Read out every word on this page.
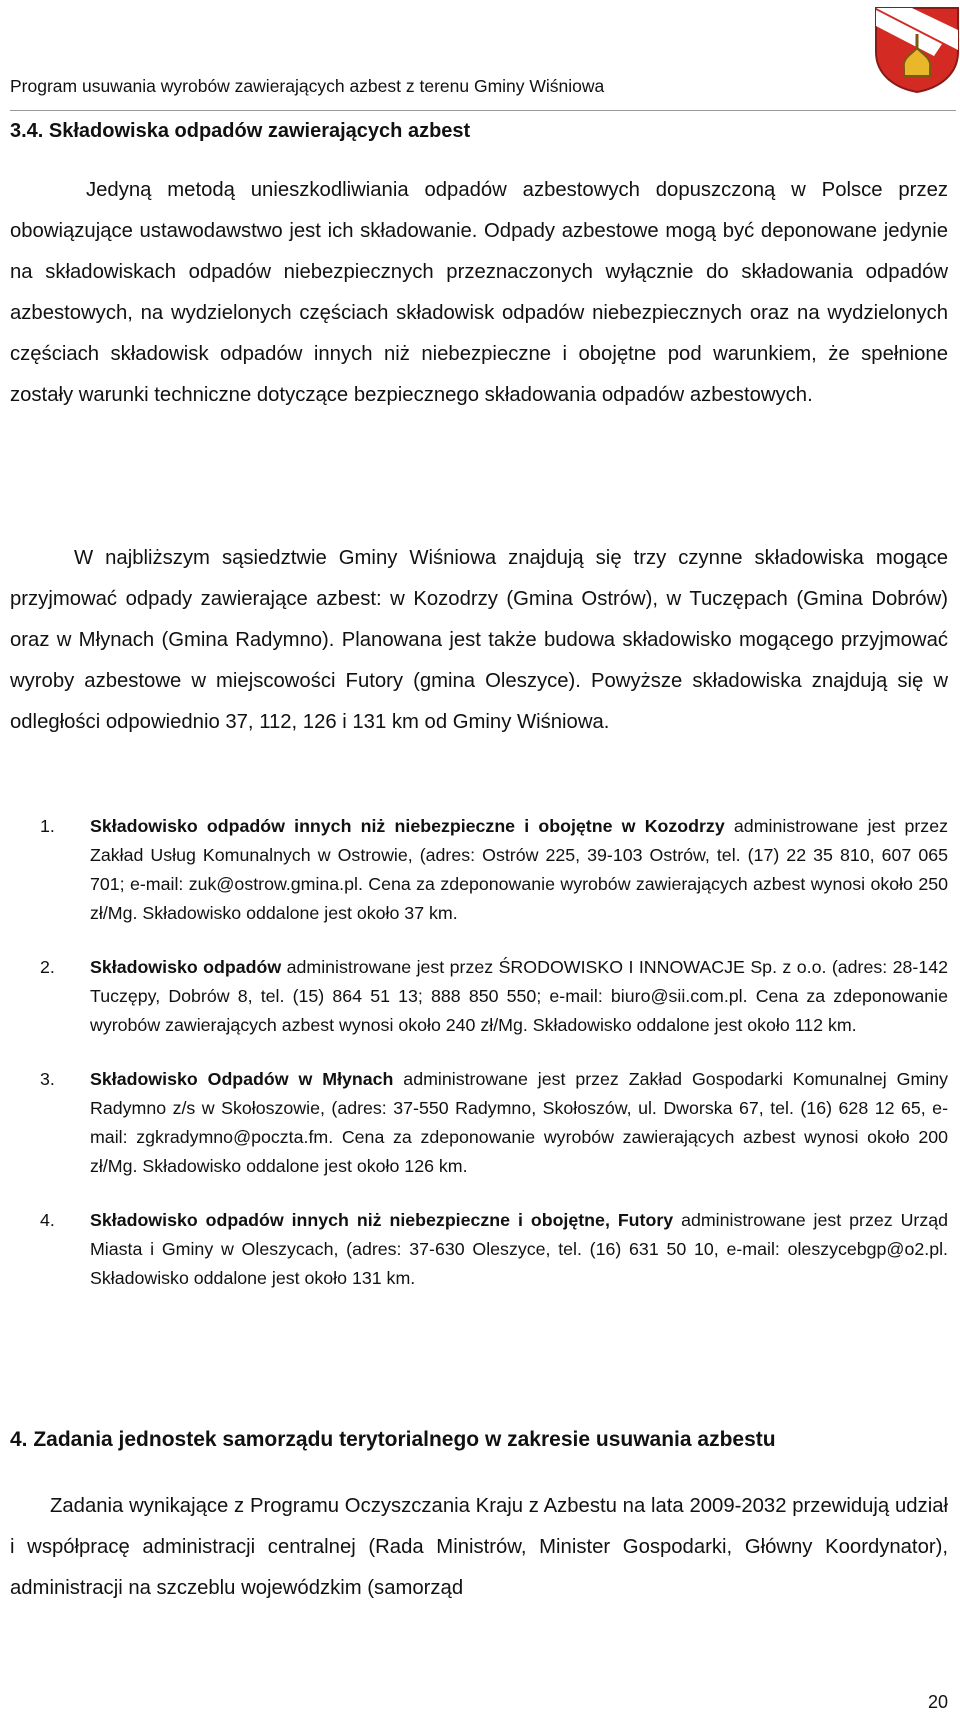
Program usuwania wyrobów zawierających azbest z terenu Gminy Wiśniowa
3.4. Składowiska odpadów zawierających azbest

Jedyną metodą unieszkodliwiania odpadów azbestowych dopuszczoną w Polsce przez obowiązujące ustawodawstwo jest ich składowanie. Odpady azbestowe mogą być deponowane jedynie na składowiskach odpadów niebezpiecznych przeznaczonych wyłącznie do składowania odpadów azbestowych, na wydzielonych częściach składowisk odpadów niebezpiecznych oraz na wydzielonych częściach składowisk odpadów innych niż niebezpieczne i obojętne pod warunkiem, że spełnione zostały warunki techniczne dotyczące bezpiecznego składowania odpadów azbestowych.

W najbliższym sąsiedztwie Gminy Wiśniowa znajdują się trzy czynne składowiska mogące przyjmować odpady zawierające azbest: w Kozodrzy (Gmina Ostrów), w Tuczępach (Gmina Dobrów) oraz w Młynach (Gmina Radymno). Planowana jest także budowa składowisko mogącego przyjmować wyroby azbestowe w miejscowości Futory (gmina Oleszyce). Powyższe składowiska znajdują się w odległości odpowiednio 37, 112, 126 i 131 km od Gminy Wiśniowa.

1. Składowisko odpadów innych niż niebezpieczne i obojętne w Kozodrzy administrowane jest przez Zakład Usług Komunalnych w Ostrowie, (adres: Ostrów 225, 39-103 Ostrów, tel. (17) 22 35 810, 607 065 701; e-mail: zuk@ostrow.gmina.pl. Cena za zdeponowanie wyrobów zawierających azbest wynosi około 250 zł/Mg. Składowisko oddalone jest około 37 km.
2. Składowisko odpadów administrowane jest przez ŚRODOWISKO I INNOWACJE Sp. z o.o. (adres: 28-142 Tuczępy, Dobrów 8, tel. (15) 864 51 13; 888 850 550; e-mail: biuro@sii.com.pl. Cena za zdeponowanie wyrobów zawierających azbest wynosi około 240 zł/Mg. Składowisko oddalone jest około 112 km.
3. Składowisko Odpadów w Młynach administrowane jest przez Zakład Gospodarki Komunalnej Gminy Radymno z/s w Skołoszowie, (adres: 37-550 Radymno, Skołoszów, ul. Dworska 67, tel. (16) 628 12 65, e-mail: zgkradymno@poczta.fm. Cena za zdeponowanie wyrobów zawierających azbest wynosi około 200 zł/Mg. Składowisko oddalone jest około 126 km.
4. Składowisko odpadów innych niż niebezpieczne i obojętne, Futory administrowane jest przez Urząd Miasta i Gminy w Oleszycach, (adres: 37-630 Oleszyce, tel. (16) 631 50 10, e-mail: oleszycebgp@o2.pl. Składowisko oddalone jest około 131 km.
4. Zadania jednostek samorządu terytorialnego w zakresie usuwania azbestu

Zadania wynikające z Programu Oczyszczania Kraju z Azbestu na lata 2009-2032 przewidują udział i współpracę administracji centralnej (Rada Ministrów, Minister Gospodarki, Główny Koordynator), administracji na szczeblu wojewódzkim (samorząd

20
